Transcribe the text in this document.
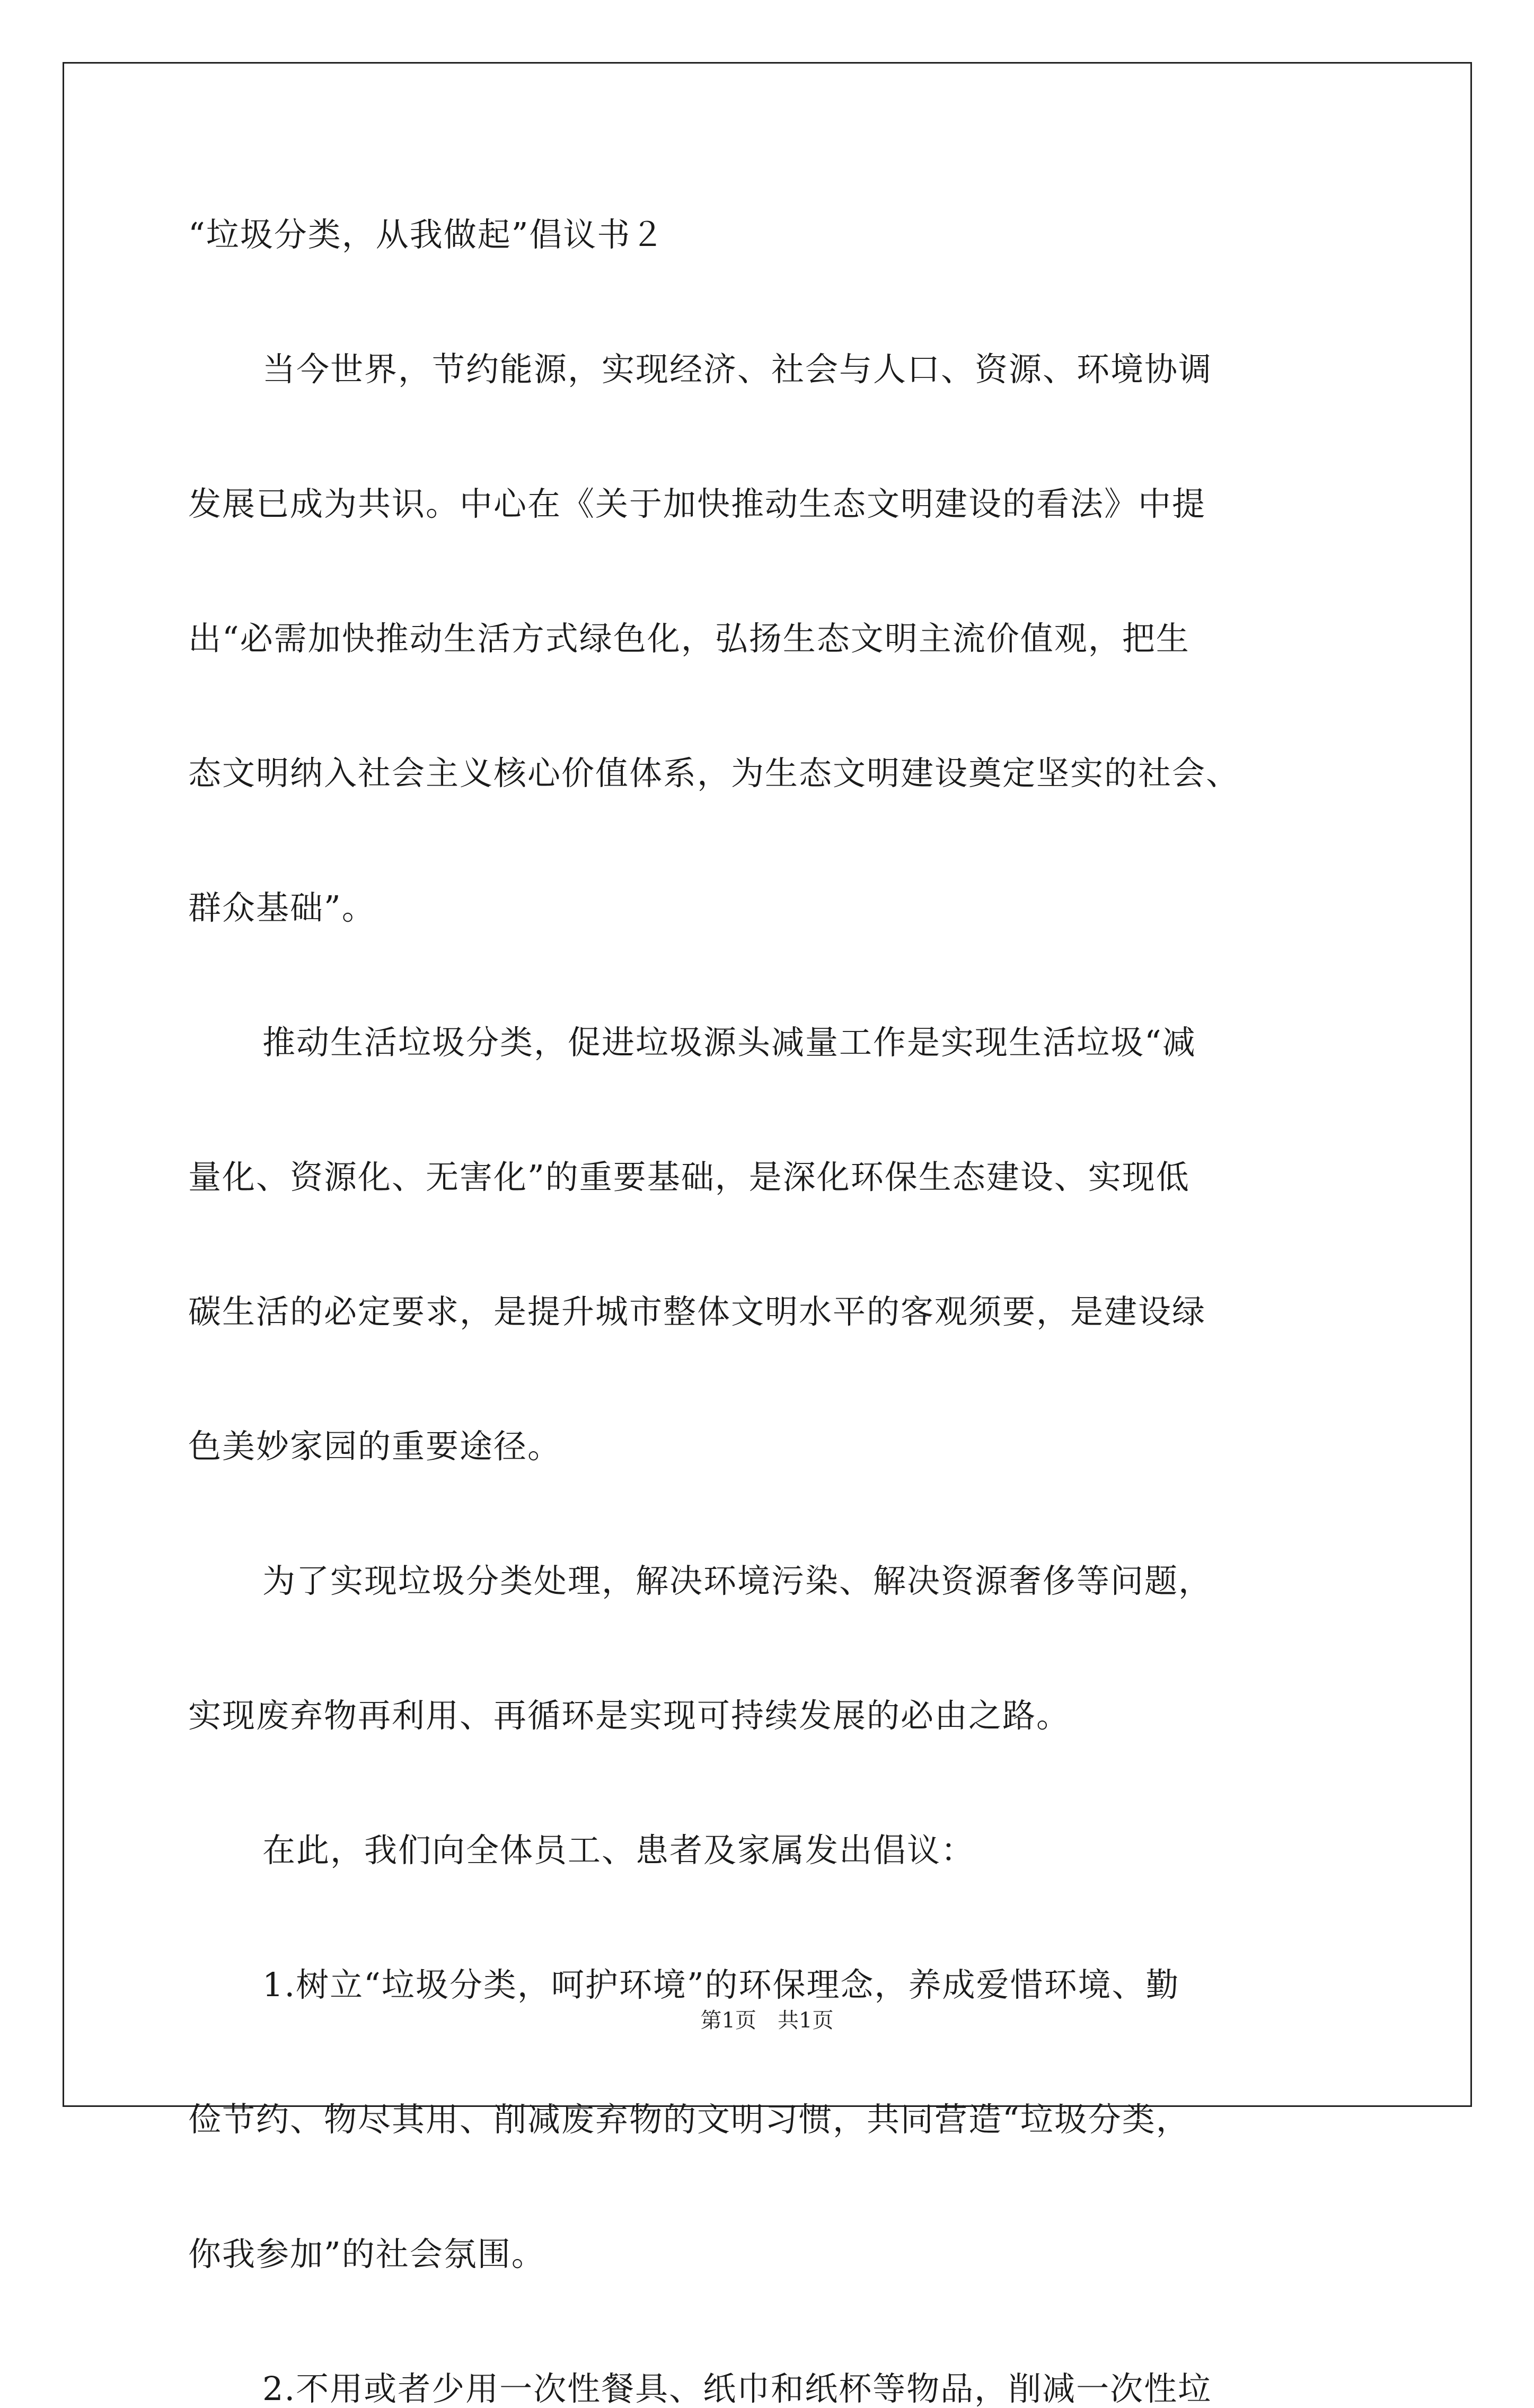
“垃圾分类，从我做起”倡议书２
当今世界，节约能源，实现经济、社会与人口、资源、环境协调
发展已成为共识。中心在《关于加快推动生态文明建设的看法》中提
出“必需加快推动生活方式绿色化，弘扬生态文明主流价值观，把生
态文明纳入社会主义核心价值体系，为生态文明建设奠定坚实的社会、
群众基础”。
推动生活垃圾分类，促进垃圾源头减量工作是实现生活垃圾“减
量化、资源化、无害化”的重要基础，是深化环保生态建设、实现低
碳生活的必定要求，是提升城市整体文明水平的客观须要，是建设绿
色美妙家园的重要途径。
为了实现垃圾分类处理，解决环境污染、解决资源奢侈等问题，
实现废弃物再利用、再循环是实现可持续发展的必由之路。
在此，我们向全体员工、患者及家属发出倡议：
1.树立“垃圾分类，呵护环境”的环保理念，养成爱惜环境、勤
俭节约、物尽其用、削减废弃物的文明习惯，共同营造“垃圾分类，
你我参加”的社会氛围。
2.不用或者少用一次性餐具、纸巾和纸杯等物品，削减一次性垃
第1页　共1页
